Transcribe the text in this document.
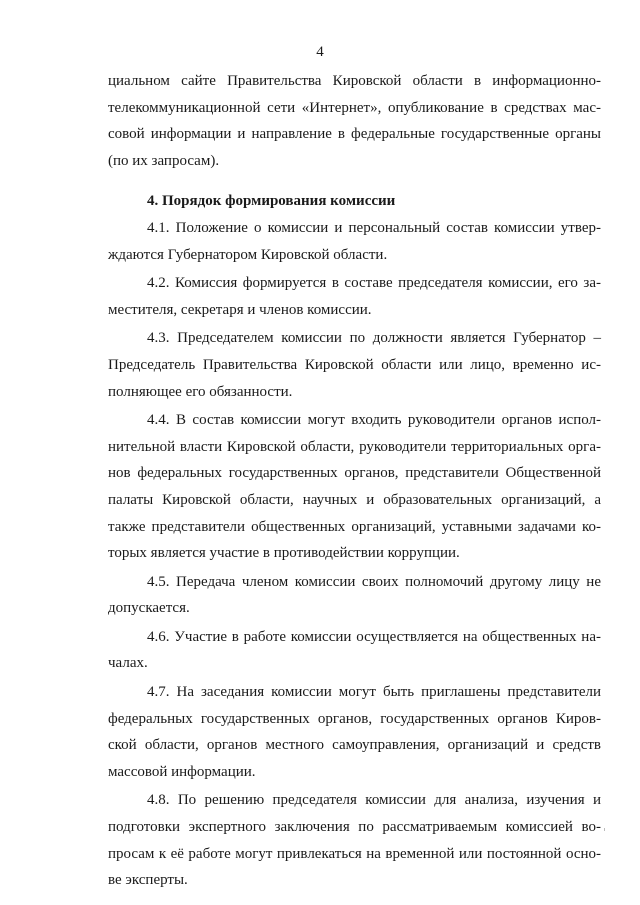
4

циальном сайте Правительства Кировской области в информационно-
телекоммуникационной сети «Интернет», опубликование в средствах мас-
совой информации и направление в федеральные государственные органы
(по их запросам).

4. Порядок формирования комиссии

4.1. Положение о комиссии и персональный состав комиссии утвер-
ждаются Губернатором Кировской области.

4.2. Комиссия формируется в составе председателя комиссии, его за-
местителя, секретаря и членов комиссии.

4.3. Председателем комиссии по должности является Губернатор –
Председатель Правительства Кировской области или лицо, временно ис-
полняющее его обязанности.

4.4. В состав комиссии могут входить руководители органов испол-
нительной власти Кировской области, руководители территориальных орга-
нов федеральных государственных органов, представители Общественной
палаты Кировской области, научных и образовательных организаций, а
также представители общественных организаций, уставными задачами ко-
торых является участие в противодействии коррупции.

4.5. Передача членом комиссии своих полномочий другому лицу не
допускается.

4.6. Участие в работе комиссии осуществляется на общественных на-
чалах.

4.7. На заседания комиссии могут быть приглашены представители
федеральных государственных органов, государственных органов Киров-
ской области, органов местного самоуправления, организаций и средств
массовой информации.

4.8. По решению председателя комиссии для анализа, изучения и
подготовки экспертного заключения по рассматриваемым комиссией во-
просам к её работе могут привлекаться на временной или постоянной осно-
ве эксперты.
